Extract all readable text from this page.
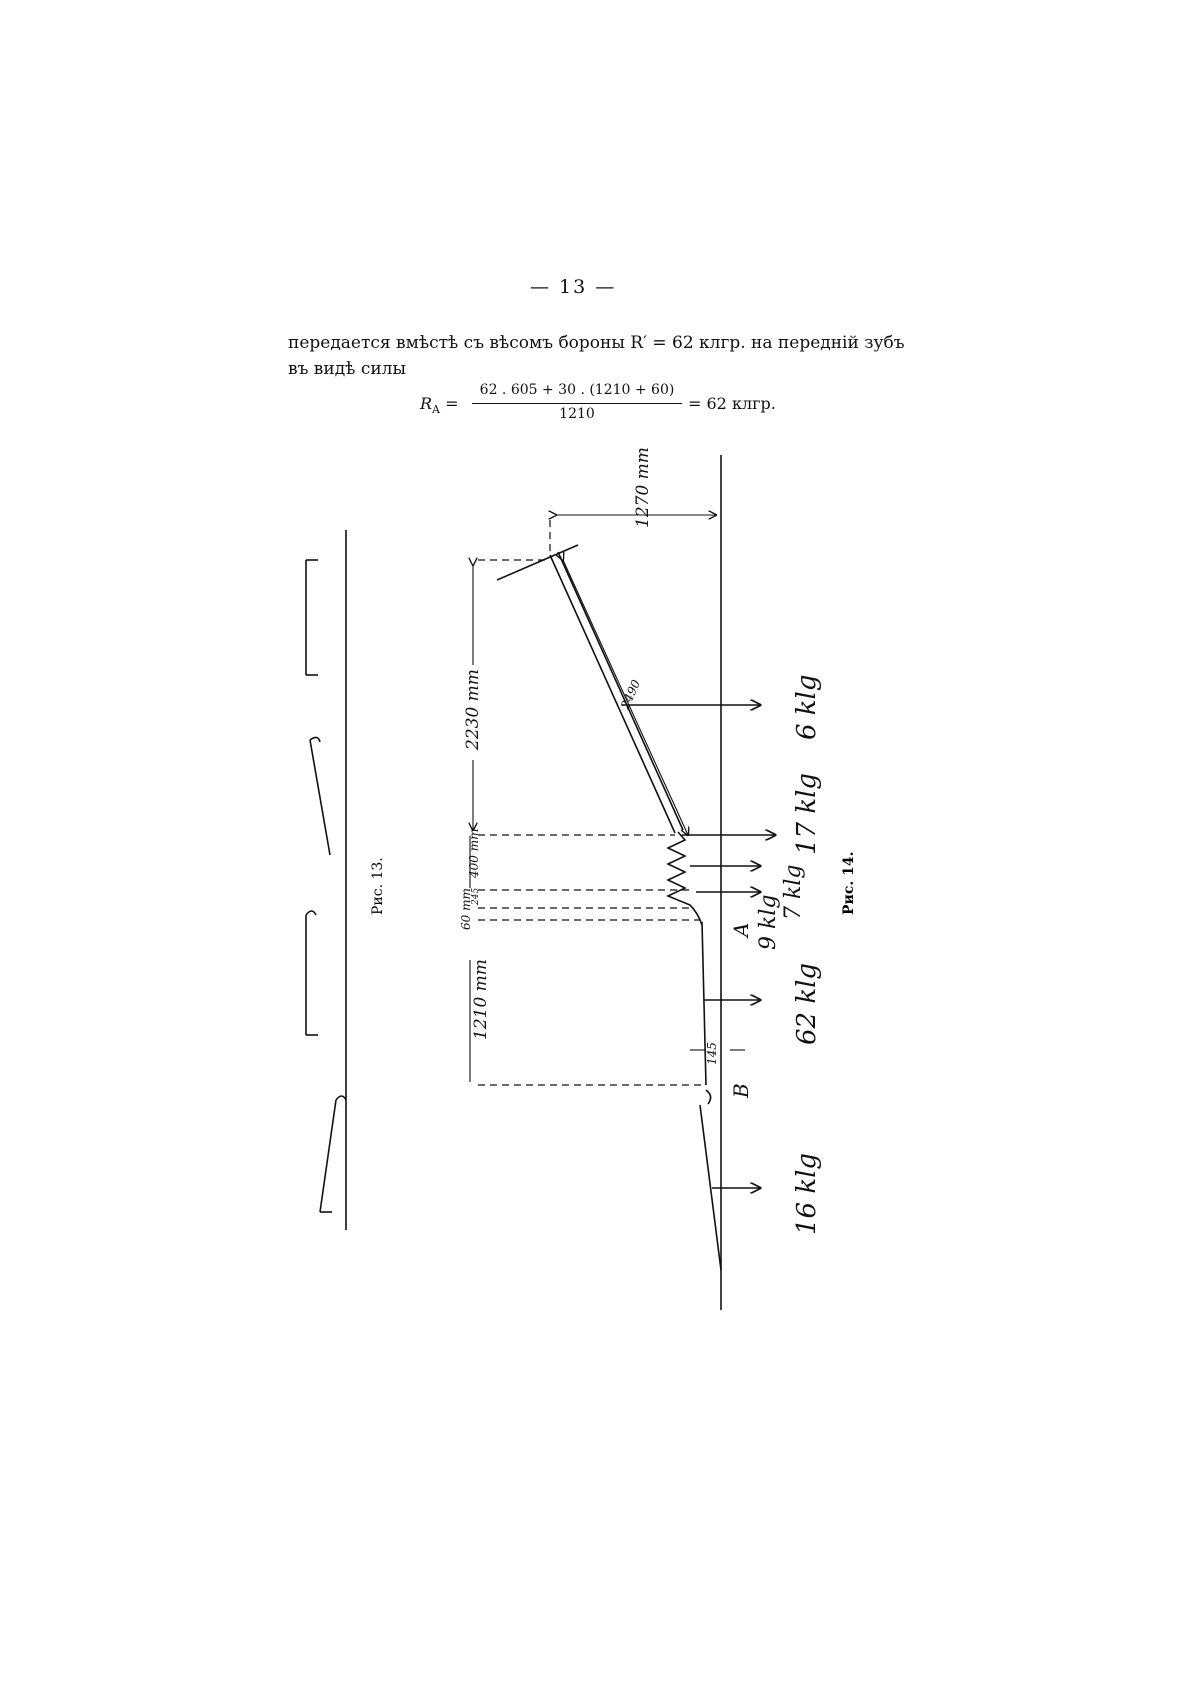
— 13 —
передается вмѣстѣ съ вѣсомъ бороны R′ = 62 клгр. на передній зубъ въ видѣ силы
$R_A$ =
62 . 605 + 30 . (1210 + 60)
1210
= 62 клгр.
Рис. 13.
1270 mm
2230 mm	2490
400 mm
245
60 mm
1210 mm
145
6 klg
17 klg
7 klg
9 klg
62 klg
16 klg
A
B
Рис. 14.
